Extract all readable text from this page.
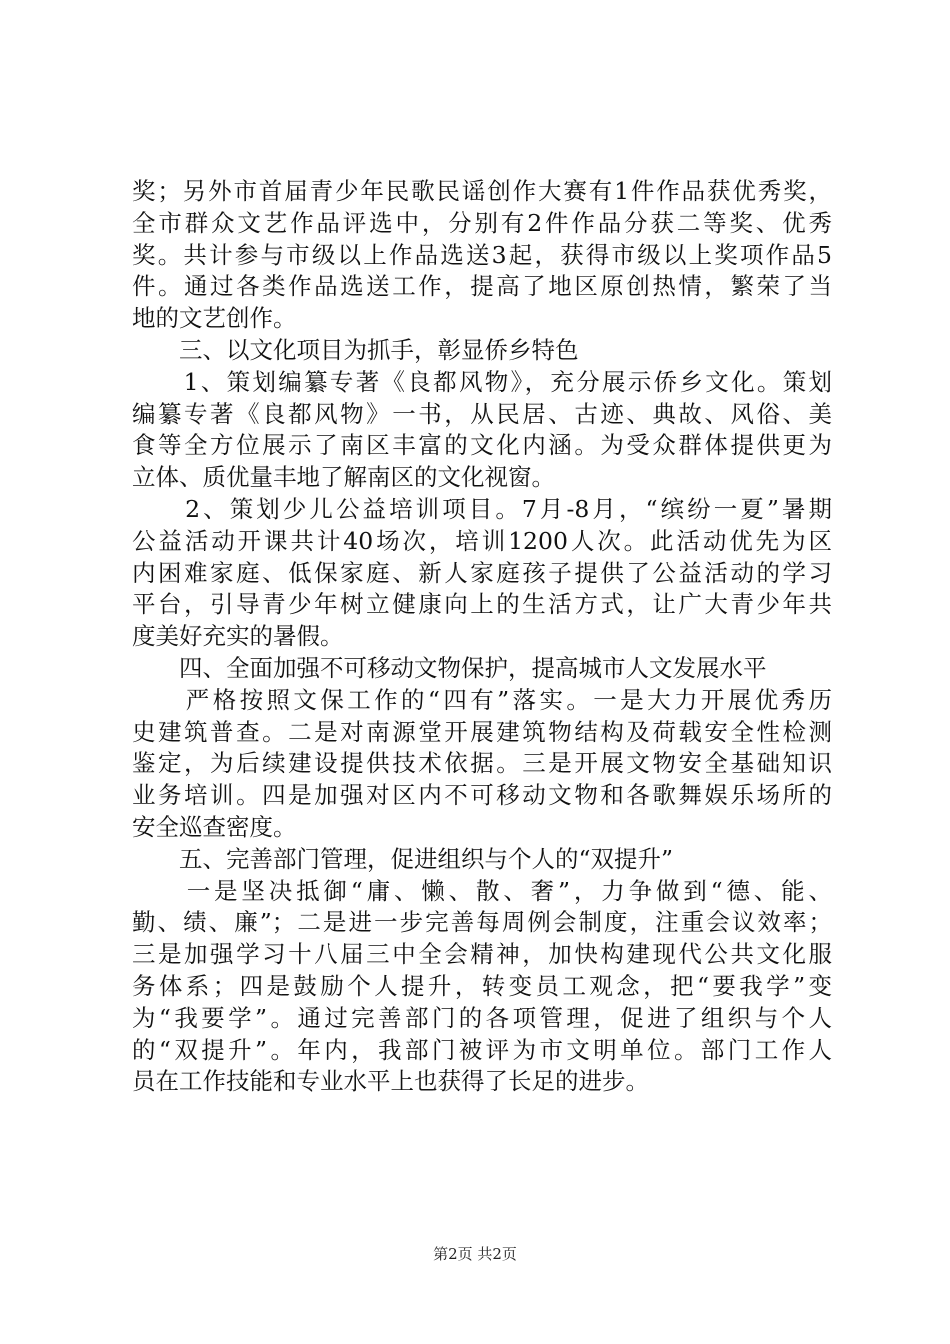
奖；另外市首届青少年民歌民谣创作大赛有1件作品获优秀奖，
全市群众文艺作品评选中，分别有2件作品分获二等奖、优秀
奖。共计参与市级以上作品选送3起，获得市级以上奖项作品5
件。通过各类作品选送工作，提高了地区原创热情，繁荣了当
地的文艺创作。
　　三、以文化项目为抓手，彰显侨乡特色
　　1、策划编纂专著《良都风物》，充分展示侨乡文化。策划
编纂专著《良都风物》一书，从民居、古迹、典故、风俗、美
食等全方位展示了南区丰富的文化内涵。为受众群体提供更为
立体、质优量丰地了解南区的文化视窗。
　　2、策划少儿公益培训项目。7月-8月，“缤纷一夏”暑期
公益活动开课共计40场次，培训1200人次。此活动优先为区
内困难家庭、低保家庭、新人家庭孩子提供了公益活动的学习
平台，引导青少年树立健康向上的生活方式，让广大青少年共
度美好充实的暑假。
　　四、全面加强不可移动文物保护，提高城市人文发展水平
　　严格按照文保工作的“四有”落实。一是大力开展优秀历
史建筑普查。二是对南源堂开展建筑物结构及荷载安全性检测
鉴定，为后续建设提供技术依据。三是开展文物安全基础知识
业务培训。四是加强对区内不可移动文物和各歌舞娱乐场所的
安全巡查密度。
　　五、完善部门管理，促进组织与个人的“双提升”
　　一是坚决抵御“庸、懒、散、奢”，力争做到“德、能、
勤、绩、廉”；二是进一步完善每周例会制度，注重会议效率；
三是加强学习十八届三中全会精神，加快构建现代公共文化服
务体系；四是鼓励个人提升，转变员工观念，把“要我学”变
为“我要学”。通过完善部门的各项管理，促进了组织与个人
的“双提升”。年内，我部门被评为市文明单位。部门工作人
员在工作技能和专业水平上也获得了长足的进步。
第2页 共2页
